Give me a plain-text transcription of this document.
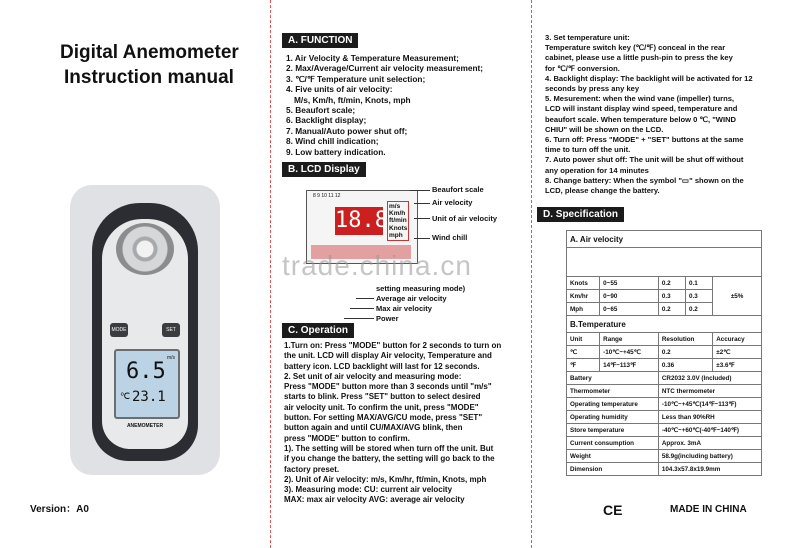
Digital Anemometer
Instruction manual
MODE	SET
6.5
m/s
℃ 23.1
ANEMOMETER
Version：A0
A. FUNCTION
1. Air Velocity & Temperature Measurement;
2. Max/Average/Current air velocity measurement;
3. ℃/℉ Temperature unit selection;
4. Five units of air velocity:
M/s, Km/h, ft/min, Knots, mph
5. Beaufort scale;
6. Backlight display;
7. Manual/Auto power shut off;
8. Wind chill indication;
9. Low battery indication.
B. LCD Display
8 9 10 11 12
18.8
m/s
Km/h
ft/min
Knots
mph
Beaufort scale
Air velocity
Unit of air velocity
Wind chill
setting measuring mode)
Average air velocity
Max air velocity
Power
C. Operation
1.Turn on: Press "MODE" button for 2 seconds to turn on
the unit. LCD will display Air velocity, Temperature and
battery icon. LCD backlight will last for 12 seconds.
2. Set unit of air velocity and measuring mode:
Press "MODE" button more than 3 seconds until "m/s"
starts to blink. Press "SET" button to select desired
air velocity unit. To confirm the unit, press "MODE"
button. For setting MAX/AVG/CU mode, press "SET"
button again and until CU/MAX/AVG blink, then
press "MODE" button to confirm.
1). The setting will be stored when turn off the unit. But
if you change the battery, the setting will go back to the
factory preset.
2). Unit of Air velocity: m/s, Km/hr, ft/min, Knots, mph
3). Measuring mode: CU: current air velocity
MAX: max air velocity AVG: average air velocity
3. Set temperature unit:
Temperature switch key (℃/℉) conceal in the rear
cabinet, please use a little push-pin to press the key
for ℃/℉ conversion.
4. Backlight display: The backlight will be activated for 12
seconds by press any key
5. Mesurement: when the wind vane (impeller) turns,
LCD will instant display wind speed, temperature and
beaufort scale. When temperature below 0 ℃, "WIND
CHIU" will be shown on the LCD.
6. Turn off: Press "MODE" + "SET" buttons at the same
time to turn off the unit.
7. Auto power shut off: The unit will be shut off without
any operation for 14 minutes
8. Change battery: When the symbol "▭" shown on the
LCD, please change the battery.
D. Specification
A. Air velocity				

Knots	0~55	0.2	0.1	±5%
Km/hr	0~90	0.3	0.3	
Mph	0~65	0.2	0.2	
B.Temperature				
Unit	Range	Resolution		Accuracy
℃	-10℃~+45℃	0.2		±2℃
℉	14℉~113℉	0.36		±3.6℉
Battery		CR2032 3.0V (Included)		
Thermometer		NTC thermometer		
Operating temperature		-10℃~+45℃(14℉~113℉)		
Operating humidity		Less than 90%RH		
Store temperature		-40℃~+60℃(-40℉~140℉)		
Current consumption		Approx. 3mA		
Weight		58.9g(including battery)		
Dimension		104.3x57.8x19.9mm		
CE	MADE IN CHINA
trade.china.cn
